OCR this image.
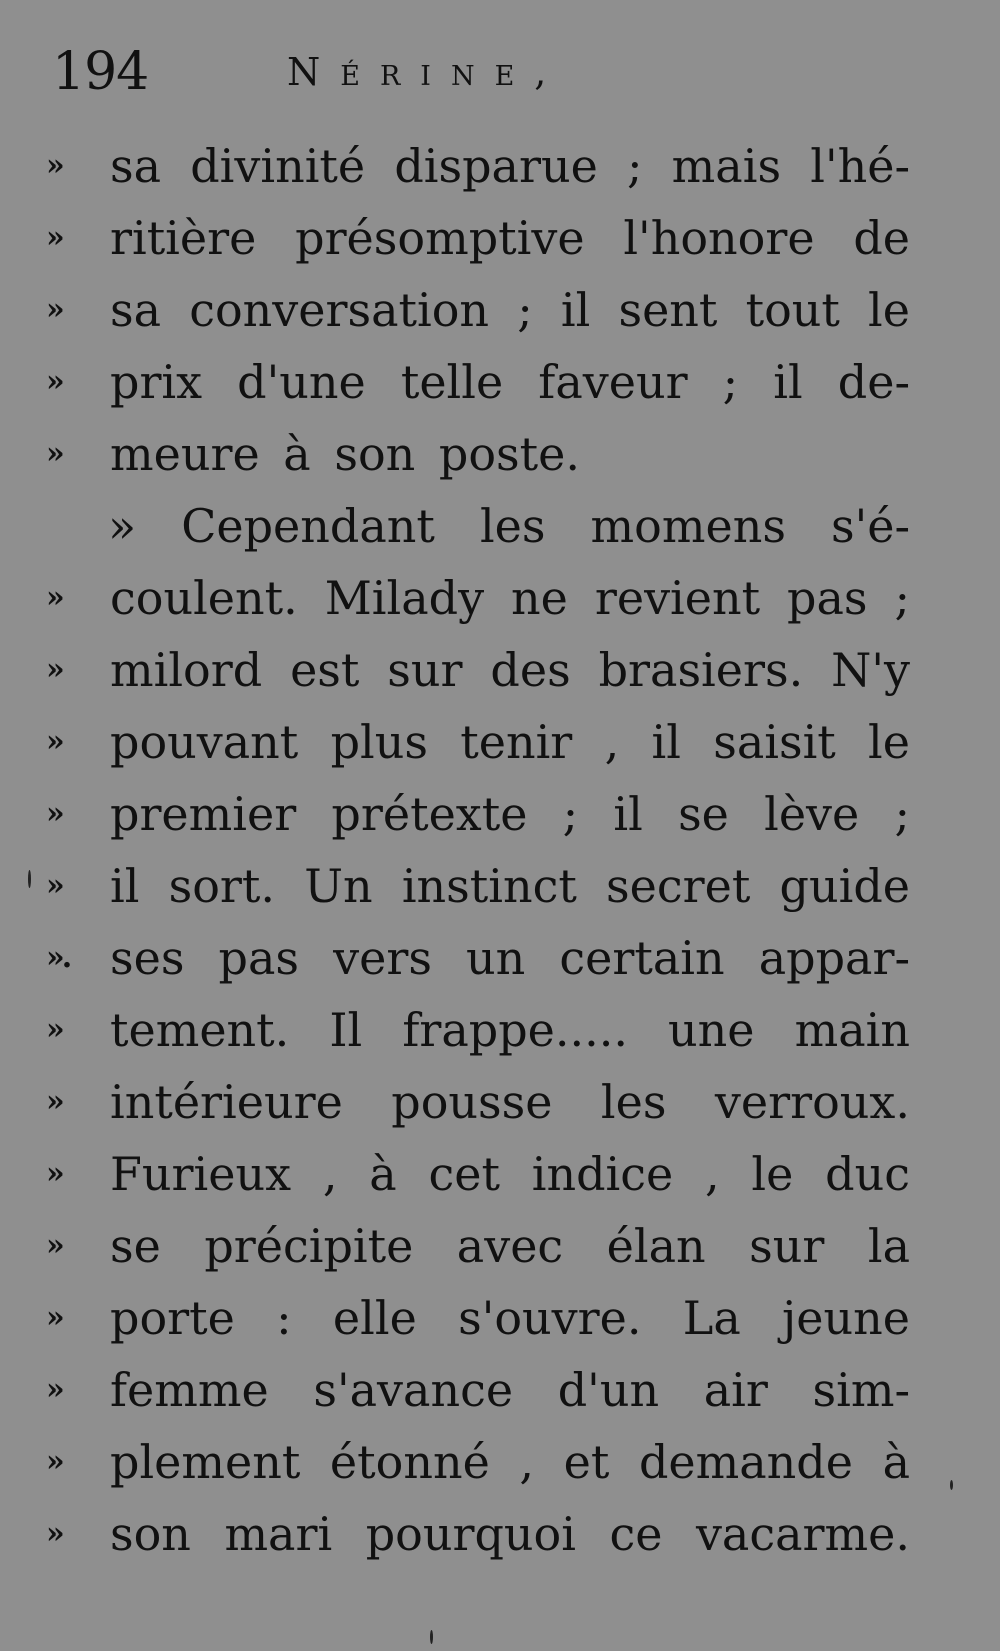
194	Nérine,
» sa divinité disparue ; mais l'hé-
» ritière présomptive l'honore de
» sa conversation ; il sent tout le
» prix d'une telle faveur ; il de-
» meure à son poste.
» Cependant les momens s'é-
» coulent. Milady ne revient pas ;
» milord est sur des brasiers. N'y
» pouvant plus tenir , il saisit le
» premier prétexte ; il se lève ;
» il sort. Un instinct secret guide
». ses pas vers un certain appar-
» tement. Il frappe..... une main
» intérieure pousse les verroux.
» Furieux , à cet indice , le duc
» se précipite avec élan sur la
» porte : elle s'ouvre. La jeune
» femme s'avance d'un air sim-
» plement étonné , et demande à
» son mari pourquoi ce vacarme.
